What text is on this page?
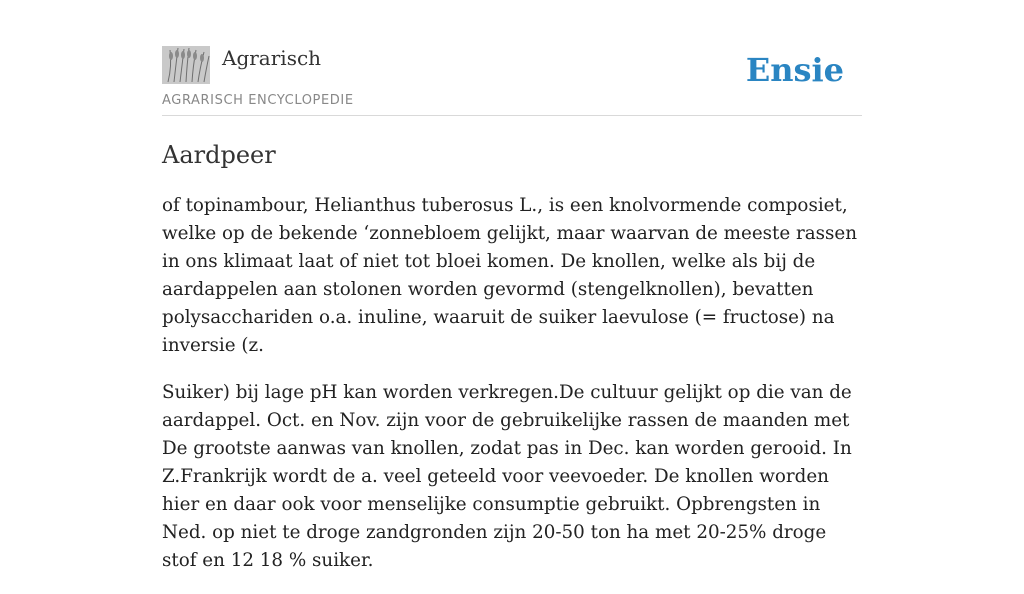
Agrarisch
AGRARISCH ENCYCLOPEDIE
Ensie
Aardpeer

of topinambour, Helianthus tuberosus L., is een knolvormende composiet, welke op de bekende ‘zonnebloem gelijkt, maar waarvan de meeste rassen in ons klimaat laat of niet tot bloei komen. De knollen, welke als bij de aardappelen aan stolonen worden gevormd (stengelknollen), bevatten polysacchariden o.a. inuline, waaruit de suiker laevulose (= fructose) na inversie (z.

Suiker) bij lage pH kan worden verkregen.De cultuur gelijkt op die van de aardappel. Oct. en Nov. zijn voor de gebruikelijke rassen de maanden met De grootste aanwas van knollen, zodat pas in Dec. kan worden gerooid. In Z.Frankrijk wordt de a. veel geteeld voor veevoeder. De knollen worden hier en daar ook voor menselijke consumptie gebruikt. Opbrengsten in Ned. op niet te droge zandgronden zijn 20-50 ton ha met 20-25% droge stof en 12 18 % suiker.
